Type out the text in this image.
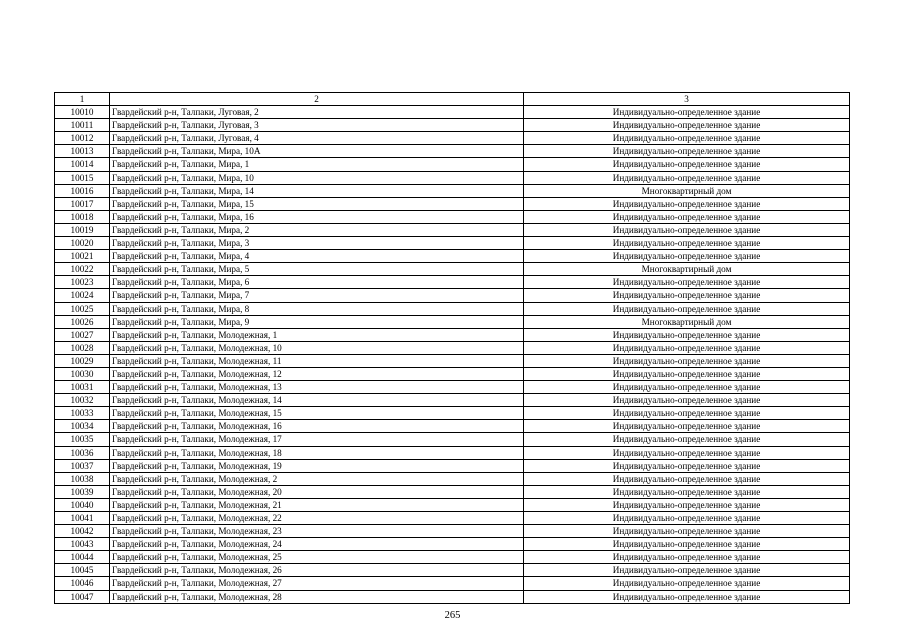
1	2	3
10010	Гвардейский р-н, Талпаки, Луговая, 2	Индивидуально-определенное здание
10011	Гвардейский р-н, Талпаки, Луговая, 3	Индивидуально-определенное здание
10012	Гвардейский р-н, Талпаки, Луговая, 4	Индивидуально-определенное здание
10013	Гвардейский р-н, Талпаки, Мира, 10А	Индивидуально-определенное здание
10014	Гвардейский р-н, Талпаки, Мира, 1	Индивидуально-определенное здание
10015	Гвардейский р-н, Талпаки, Мира, 10	Индивидуально-определенное здание
10016	Гвардейский р-н, Талпаки, Мира, 14	Многоквартирный дом
10017	Гвардейский р-н, Талпаки, Мира, 15	Индивидуально-определенное здание
10018	Гвардейский р-н, Талпаки, Мира, 16	Индивидуально-определенное здание
10019	Гвардейский р-н, Талпаки, Мира, 2	Индивидуально-определенное здание
10020	Гвардейский р-н, Талпаки, Мира, 3	Индивидуально-определенное здание
10021	Гвардейский р-н, Талпаки, Мира, 4	Индивидуально-определенное здание
10022	Гвардейский р-н, Талпаки, Мира, 5	Многоквартирный дом
10023	Гвардейский р-н, Талпаки, Мира, 6	Индивидуально-определенное здание
10024	Гвардейский р-н, Талпаки, Мира, 7	Индивидуально-определенное здание
10025	Гвардейский р-н, Талпаки, Мира, 8	Индивидуально-определенное здание
10026	Гвардейский р-н, Талпаки, Мира, 9	Многоквартирный дом
10027	Гвардейский р-н, Талпаки, Молодежная, 1	Индивидуально-определенное здание
10028	Гвардейский р-н, Талпаки, Молодежная, 10	Индивидуально-определенное здание
10029	Гвардейский р-н, Талпаки, Молодежная, 11	Индивидуально-определенное здание
10030	Гвардейский р-н, Талпаки, Молодежная, 12	Индивидуально-определенное здание
10031	Гвардейский р-н, Талпаки, Молодежная, 13	Индивидуально-определенное здание
10032	Гвардейский р-н, Талпаки, Молодежная, 14	Индивидуально-определенное здание
10033	Гвардейский р-н, Талпаки, Молодежная, 15	Индивидуально-определенное здание
10034	Гвардейский р-н, Талпаки, Молодежная, 16	Индивидуально-определенное здание
10035	Гвардейский р-н, Талпаки, Молодежная, 17	Индивидуально-определенное здание
10036	Гвардейский р-н, Талпаки, Молодежная, 18	Индивидуально-определенное здание
10037	Гвардейский р-н, Талпаки, Молодежная, 19	Индивидуально-определенное здание
10038	Гвардейский р-н, Талпаки, Молодежная, 2	Индивидуально-определенное здание
10039	Гвардейский р-н, Талпаки, Молодежная, 20	Индивидуально-определенное здание
10040	Гвардейский р-н, Талпаки, Молодежная, 21	Индивидуально-определенное здание
10041	Гвардейский р-н, Талпаки, Молодежная, 22	Индивидуально-определенное здание
10042	Гвардейский р-н, Талпаки, Молодежная, 23	Индивидуально-определенное здание
10043	Гвардейский р-н, Талпаки, Молодежная, 24	Индивидуально-определенное здание
10044	Гвардейский р-н, Талпаки, Молодежная, 25	Индивидуально-определенное здание
10045	Гвардейский р-н, Талпаки, Молодежная, 26	Индивидуально-определенное здание
10046	Гвардейский р-н, Талпаки, Молодежная, 27	Индивидуально-определенное здание
10047	Гвардейский р-н, Талпаки, Молодежная, 28	Индивидуально-определенное здание
265
